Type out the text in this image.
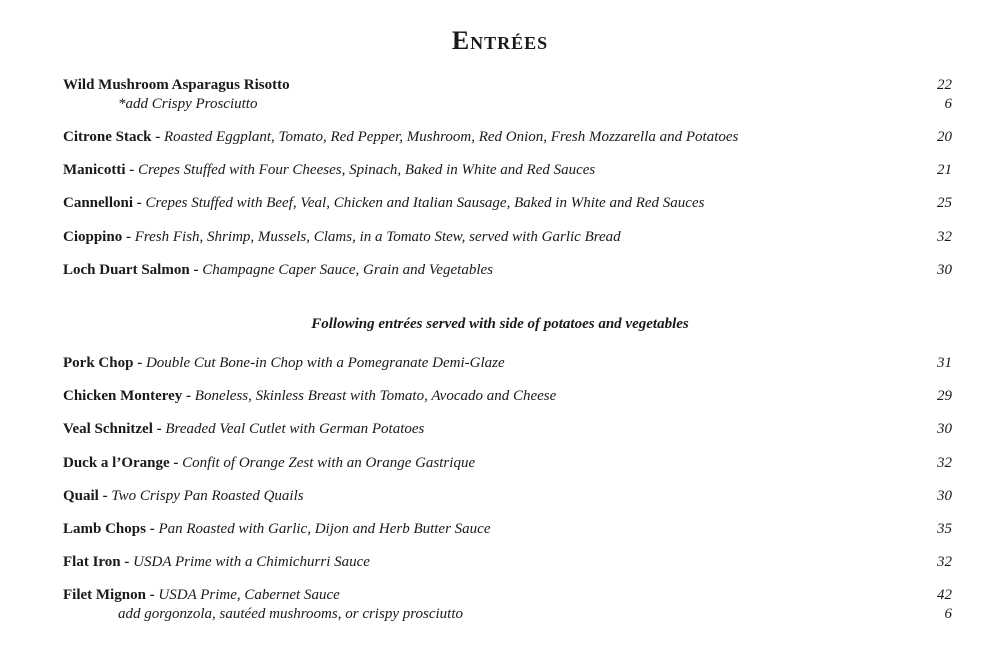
Entrées
Wild Mushroom Asparagus Risotto	22
*add Crispy Prosciutto	6
Citrone Stack - Roasted Eggplant, Tomato, Red Pepper, Mushroom, Red Onion, Fresh Mozzarella and Potatoes	20
Manicotti - Crepes Stuffed with Four Cheeses, Spinach, Baked in White and Red Sauces	21
Cannelloni - Crepes Stuffed with Beef, Veal, Chicken and Italian Sausage, Baked in White and Red Sauces	25
Cioppino - Fresh Fish, Shrimp, Mussels, Clams, in a Tomato Stew, served with Garlic Bread	32
Loch Duart Salmon - Champagne Caper Sauce, Grain and Vegetables	30
Following entrées served with side of potatoes and vegetables
Pork Chop - Double Cut Bone-in Chop with a Pomegranate Demi-Glaze	31
Chicken Monterey - Boneless, Skinless Breast with Tomato, Avocado and Cheese	29
Veal Schnitzel - Breaded Veal Cutlet with German Potatoes	30
Duck a l’Orange - Confit of Orange Zest with an Orange Gastrique	32
Quail - Two Crispy Pan Roasted Quails	30
Lamb Chops - Pan Roasted with Garlic, Dijon and Herb Butter Sauce	35
Flat Iron - USDA Prime with a Chimichurri Sauce	32
Filet Mignon - USDA Prime, Cabernet Sauce	42
add gorgonzola, sautéed mushrooms, or crispy prosciutto	6
